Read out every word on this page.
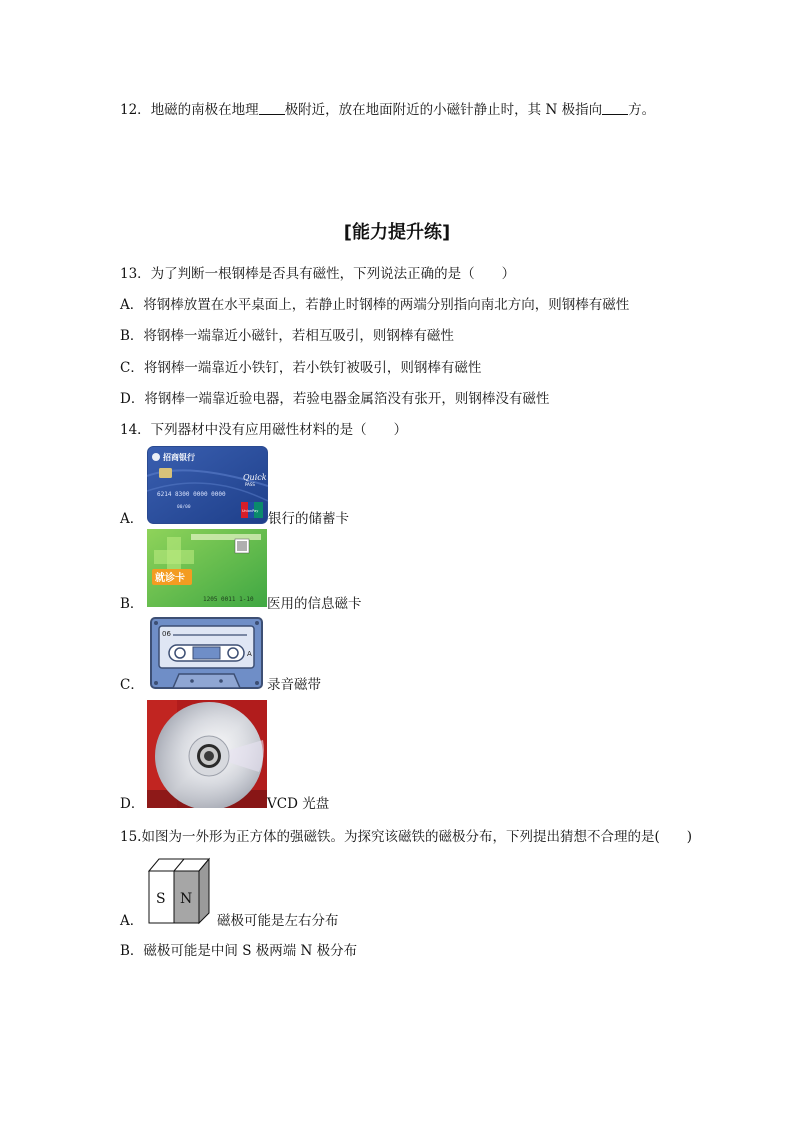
12．地磁的南极在地理 极附近，放在地面附近的小磁针静止时，其 N 极指向 方。
[能力提升练]
13．为了判断一根钢棒是否具有磁性，下列说法正确的是（　　）
A．将钢棒放置在水平桌面上，若静止时钢棒的两端分别指向南北方向，则钢棒有磁性
B．将钢棒一端靠近小磁针，若相互吸引，则钢棒有磁性
C．将钢棒一端靠近小铁钉，若小铁钉被吸引，则钢棒有磁性
D．将钢棒一端靠近验电器，若验电器金属箔没有张开，则钢棒没有磁性
14．下列器材中没有应用磁性材料的是（　　）
A．
招商银行
Quick
PASS
6214 8300 0000 0000
00/00
UnionPay 银行的储蓄卡
B．
就诊卡
1205 0011 1-10 医用的信息磁卡
C．
06
A
录音磁带
D．	VCD 光盘
15.如图为一外形为正方体的强磁铁。为探究该磁铁的磁极分布，下列提出猜想不合理的是(　　)
A．
S N
磁极可能是左右分布
B．磁极可能是中间 S 极两端 N 极分布
